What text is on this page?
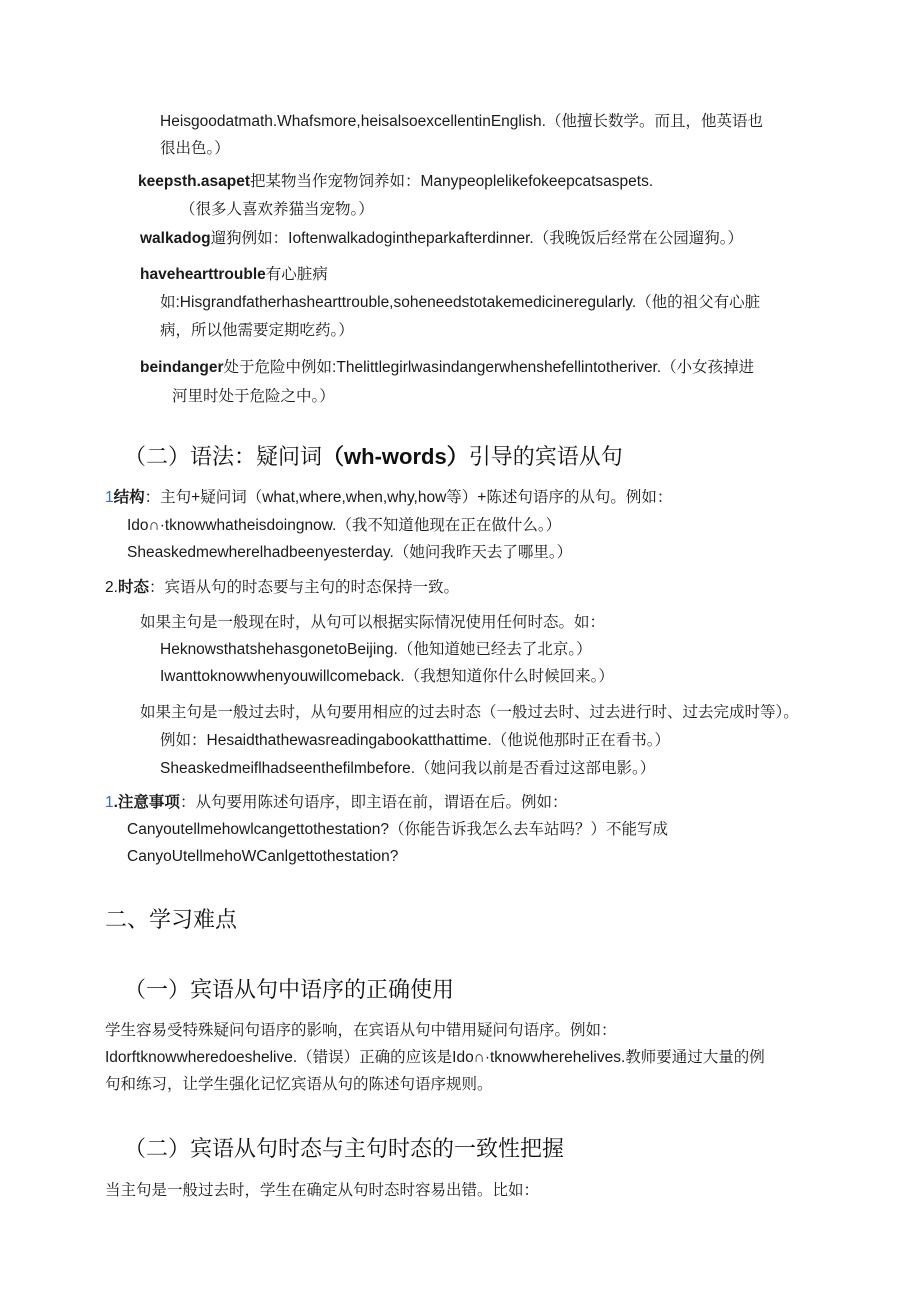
Heisgoodatmath.Whafsmore,heisalsoexcellentinEnglish.（他擅长数学。而且，他英语也
很出色。）
keepsth.asapet把某物当作宠物饲养如：Manypeoplelikefokeepcatsaspets.
（很多人喜欢养猫当宠物。）
walkadog遛狗例如：Ioftenwalkadogintheparkafterdinner.（我晚饭后经常在公园遛狗。）
havehearttrouble有心脏病
如:Hisgrandfatherhashearttrouble,soheneedstotakemedicineregularly.（他的祖父有心脏
病，所以他需要定期吃药。）
beindanger处于危险中例如:Thelittlegirlwasindangerwhenshefellintotheriver.（小女孩掉进
河里时处于危险之中。）
（二）语法：疑问词（wh-words）引导的宾语从句
1结构：主句+疑问词（what,where,when,why,how等）+陈述句语序的从句。例如：
Ido∩·tknowwhatheisdoingnow.（我不知道他现在正在做什么。）
Sheaskedmewherelhadbeenyesterday.（她问我昨天去了哪里。）
2.时态：宾语从句的时态要与主句的时态保持一致。
如果主句是一般现在时，从句可以根据实际情况使用任何时态。如：
HeknowsthatshehasgonetoBeijing.（他知道她已经去了北京。）
Iwanttoknowwhenyouwillcomeback.（我想知道你什么时候回来。）
如果主句是一般过去时，从句要用相应的过去时态（一般过去时、过去进行时、过去完成时等）。
例如：Hesaidthathewasreadingabookatthattime.（他说他那时正在看书。）
Sheaskedmeiflhadseenthefilmbefore.（她问我以前是否看过这部电影。）
1.注意事项：从句要用陈述句语序，即主语在前，谓语在后。例如：
Canyoutellmehowlcangettothestation?（你能告诉我怎么去车站吗？）不能写成
CanyoUtellmehoWCanlgettothestation?
二、学习难点
（一）宾语从句中语序的正确使用
学生容易受特殊疑问句语序的影响，在宾语从句中错用疑问句语序。例如：
Idorftknowwheredoeshelive.（错误）正确的应该是Ido∩·tknowwherehelives.教师要通过大量的例
句和练习，让学生强化记忆宾语从句的陈述句语序规则。
（二）宾语从句时态与主句时态的一致性把握
当主句是一般过去时，学生在确定从句时态时容易出错。比如：
